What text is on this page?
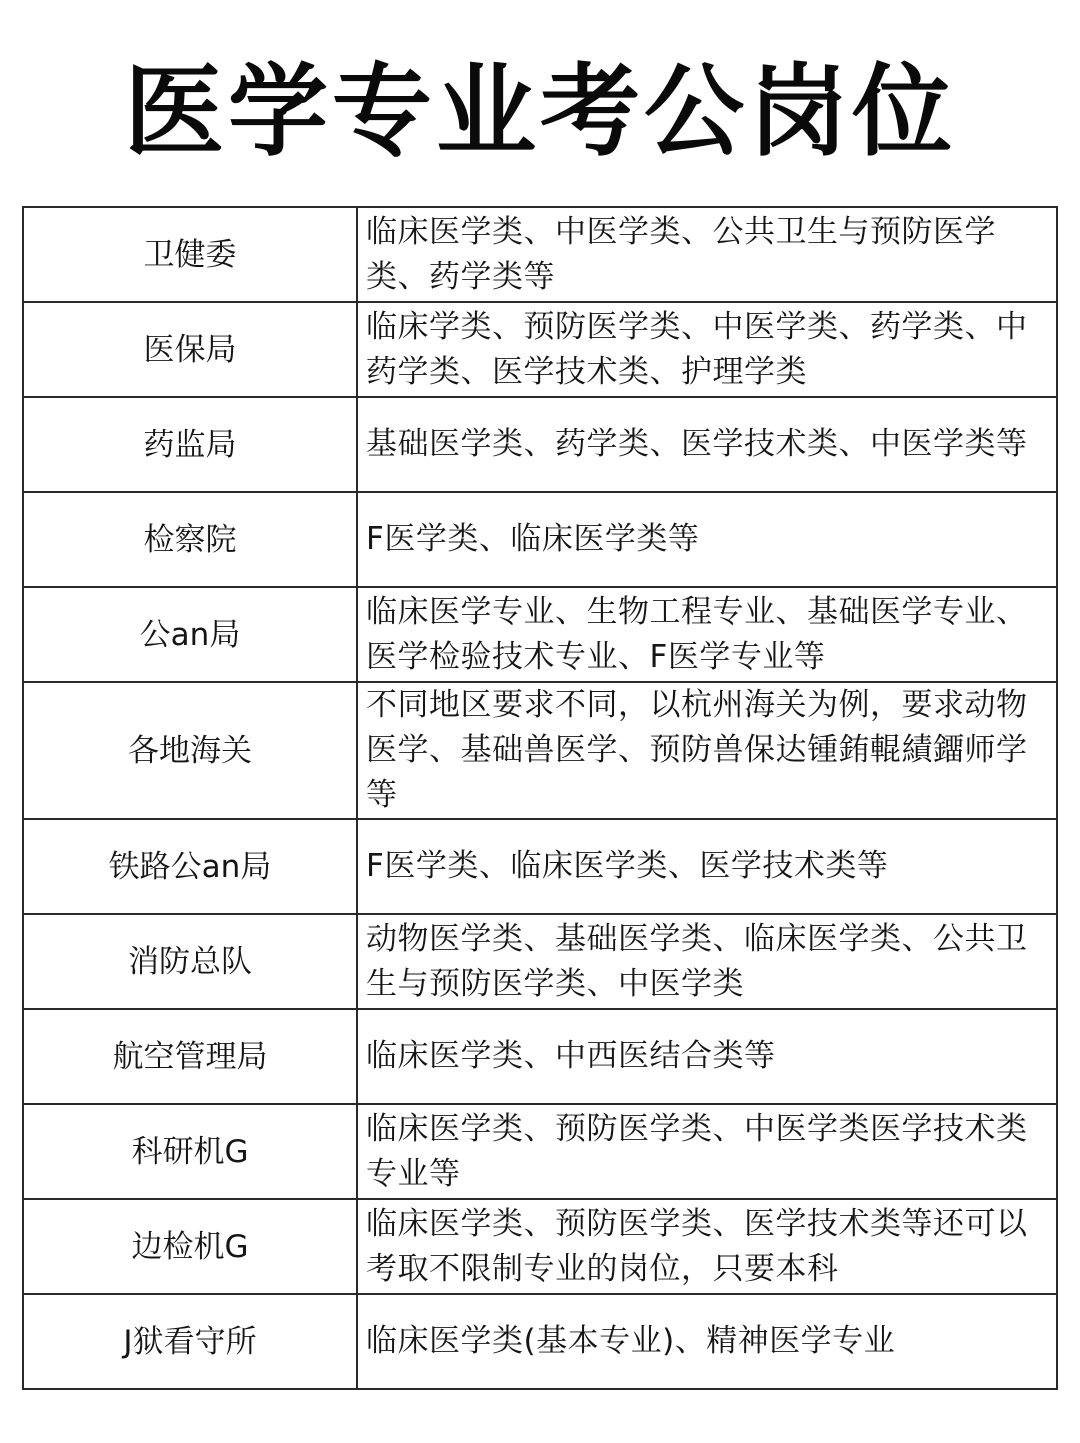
医学专业考公岗位
卫健委	临床医学类、中医学类、公共卫生与预防医学类、药学类等
医保局	临床学类、预防医学类、中医学类、药学类、中药学类、医学技术类、护理学类
药监局	基础医学类、药学类、医学技术类、中医学类等
检察院	F医学类、临床医学类等
公an局	临床医学专业、生物工程专业、基础医学专业、医学检验技术专业、F医学专业等
各地海关	不同地区要求不同，以杭州海关为例，要求动物医学、基础兽医学、预防兽保达锺銪輥績鐂师学等
铁路公an局	F医学类、临床医学类、医学技术类等
消防总队	动物医学类、基础医学类、临床医学类、公共卫生与预防医学类、中医学类
航空管理局	临床医学类、中西医结合类等
科研机G	临床医学类、预防医学类、中医学类医学技术类专业等
边检机G	临床医学类、预防医学类、医学技术类等还可以考取不限制专业的岗位，只要本科
J狱看守所	临床医学类(基本专业)、精神医学专业
